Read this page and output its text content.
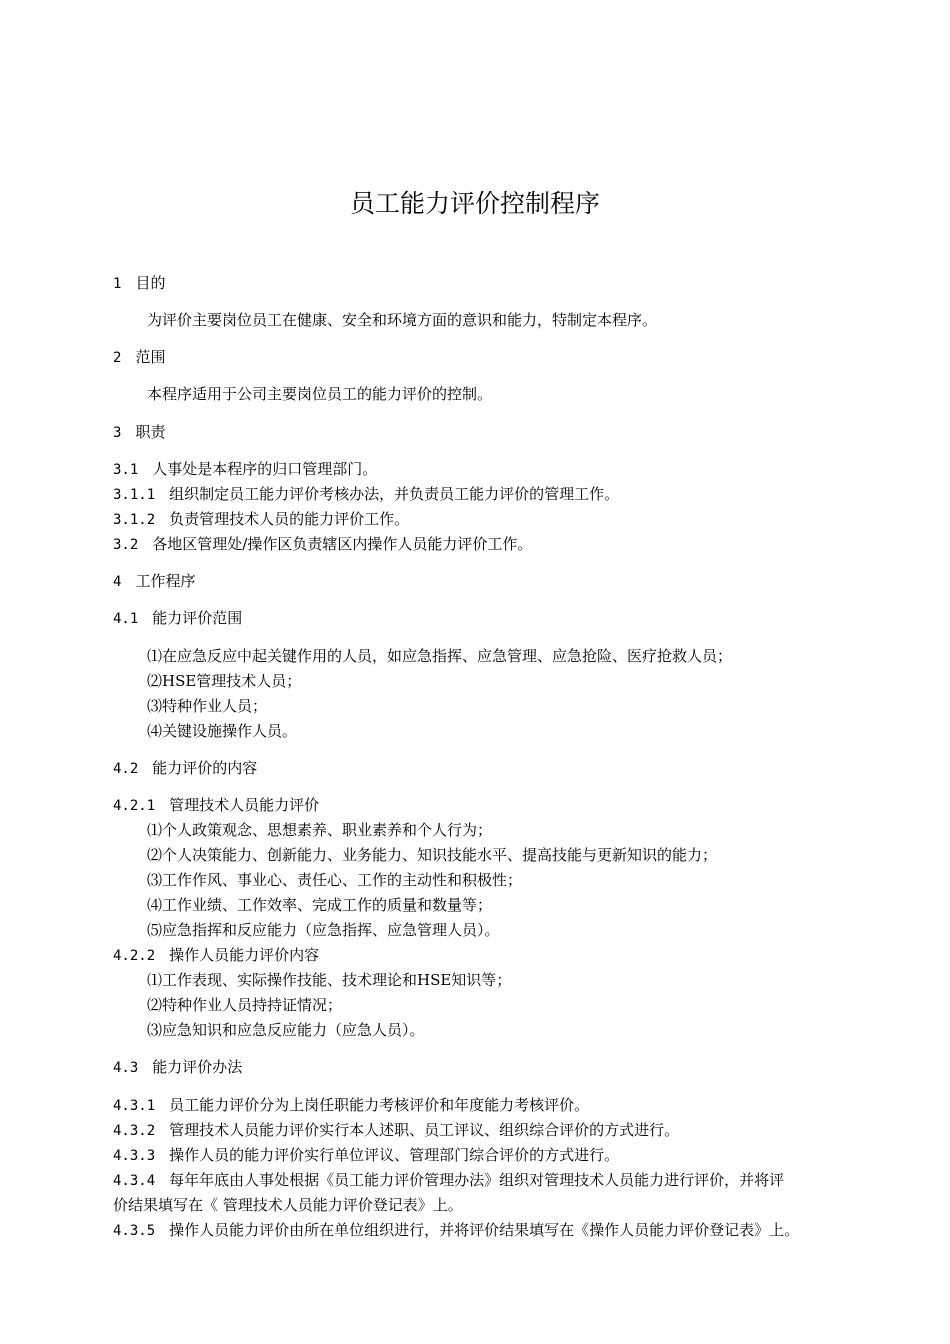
员工能力评价控制程序
1 目的
为评价主要岗位员工在健康、安全和环境方面的意识和能力，特制定本程序。
2 范围
本程序适用于公司主要岗位员工的能力评价的控制。
3 职责
3.1 人事处是本程序的归口管理部门。
3.1.1 组织制定员工能力评价考核办法，并负责员工能力评价的管理工作。
3.1.2 负责管理技术人员的能力评价工作。
3.2 各地区管理处/操作区负责辖区内操作人员能力评价工作。
4 工作程序
4.1 能力评价范围
⑴在应急反应中起关键作用的人员，如应急指挥、应急管理、应急抢险、医疗抢救人员；
⑵HSE管理技术人员；
⑶特种作业人员；
⑷关键设施操作人员。
4.2 能力评价的内容
4.2.1 管理技术人员能力评价
⑴个人政策观念、思想素养、职业素养和个人行为；
⑵个人决策能力、创新能力、业务能力、知识技能水平、提高技能与更新知识的能力；
⑶工作作风、事业心、责任心、工作的主动性和积极性；
⑷工作业绩、工作效率、完成工作的质量和数量等；
⑸应急指挥和反应能力（应急指挥、应急管理人员）。
4.2.2 操作人员能力评价内容
⑴工作表现、实际操作技能、技术理论和HSE知识等；
⑵特种作业人员持持证情况；
⑶应急知识和应急反应能力（应急人员）。
4.3 能力评价办法
4.3.1 员工能力评价分为上岗任职能力考核评价和年度能力考核评价。
4.3.2 管理技术人员能力评价实行本人述职、员工评议、组织综合评价的方式进行。
4.3.3 操作人员的能力评价实行单位评议、管理部门综合评价的方式进行。
4.3.4 每年年底由人事处根据《员工能力评价管理办法》组织对管理技术人员能力进行评价，并将评
价结果填写在《 管理技术人员能力评价登记表》上。
4.3.5 操作人员能力评价由所在单位组织进行，并将评价结果填写在《操作人员能力评价登记表》上。
